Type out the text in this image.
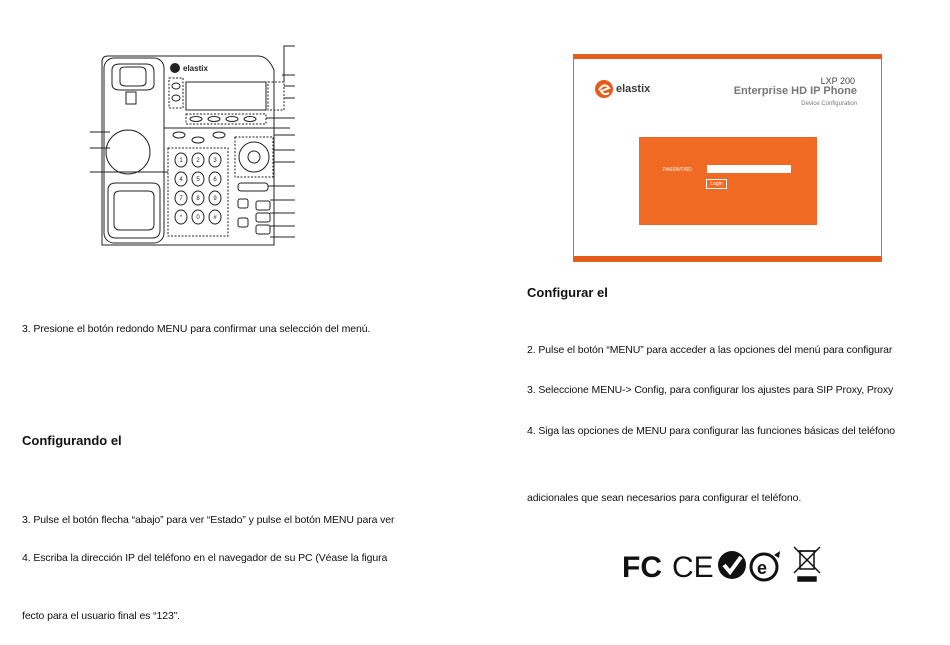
elastix
1 2 3
4 5 6
7 8 9
* 0 #
3. Presione el botón redondo MENU para confirmar una selección del menú.
Configurando el
3. Pulse el botón flecha “abajo” para ver “Estado” y pulse el botón MENU para ver
4. Escriba la dirección IP del teléfono en el navegador de su PC (Véase la figura
fecto para el usuario final es “123”.
elastix
LXP 200
Enterprise HD IP Phone
Device Configuration
PASSWORD
Login
Configurar el
2. Pulse el botón “MENU” para acceder a las opciones del menú para configurar
3. Seleccione MENU-> Config, para configurar los ajustes para SIP Proxy, Proxy
4. Siga las opciones de MENU para configurar las funciones básicas del teléfono
adicionales que sean necesarios para configurar el teléfono.
FC CE e
